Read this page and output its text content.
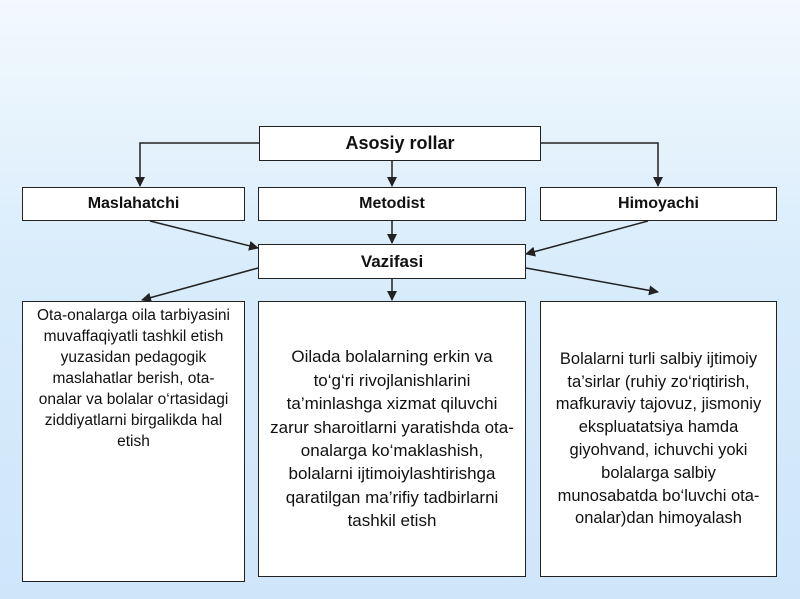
Asosiy rollar
Maslahatchi	Metodist	Himoyachi
Vazifasi
Ota-onalarga oila tarbiyasini muvaffaqiyatli tashkil etish yuzasidan pedagogik maslahatlar berish, ota-onalar va bolalar o‘rtasidagi ziddiyatlarni birgalikda hal etish
Oilada bolalarning erkin va to‘g‘ri rivojlanishlarini ta’minlashga xizmat qiluvchi zarur sharoitlarni yaratishda ota-onalarga ko‘maklashish, bolalarni ijtimoiylashtirishga qaratilgan ma’rifiy tadbirlarni tashkil etish
Bolalarni turli salbiy ijtimoiy ta’sirlar (ruhiy zo‘riqtirish, mafkuraviy tajovuz, jismoniy ekspluatatsiya hamda giyohvand, ichuvchi yoki bolalarga salbiy munosabatda bo‘luvchi ota-onalar)dan himoyalash
